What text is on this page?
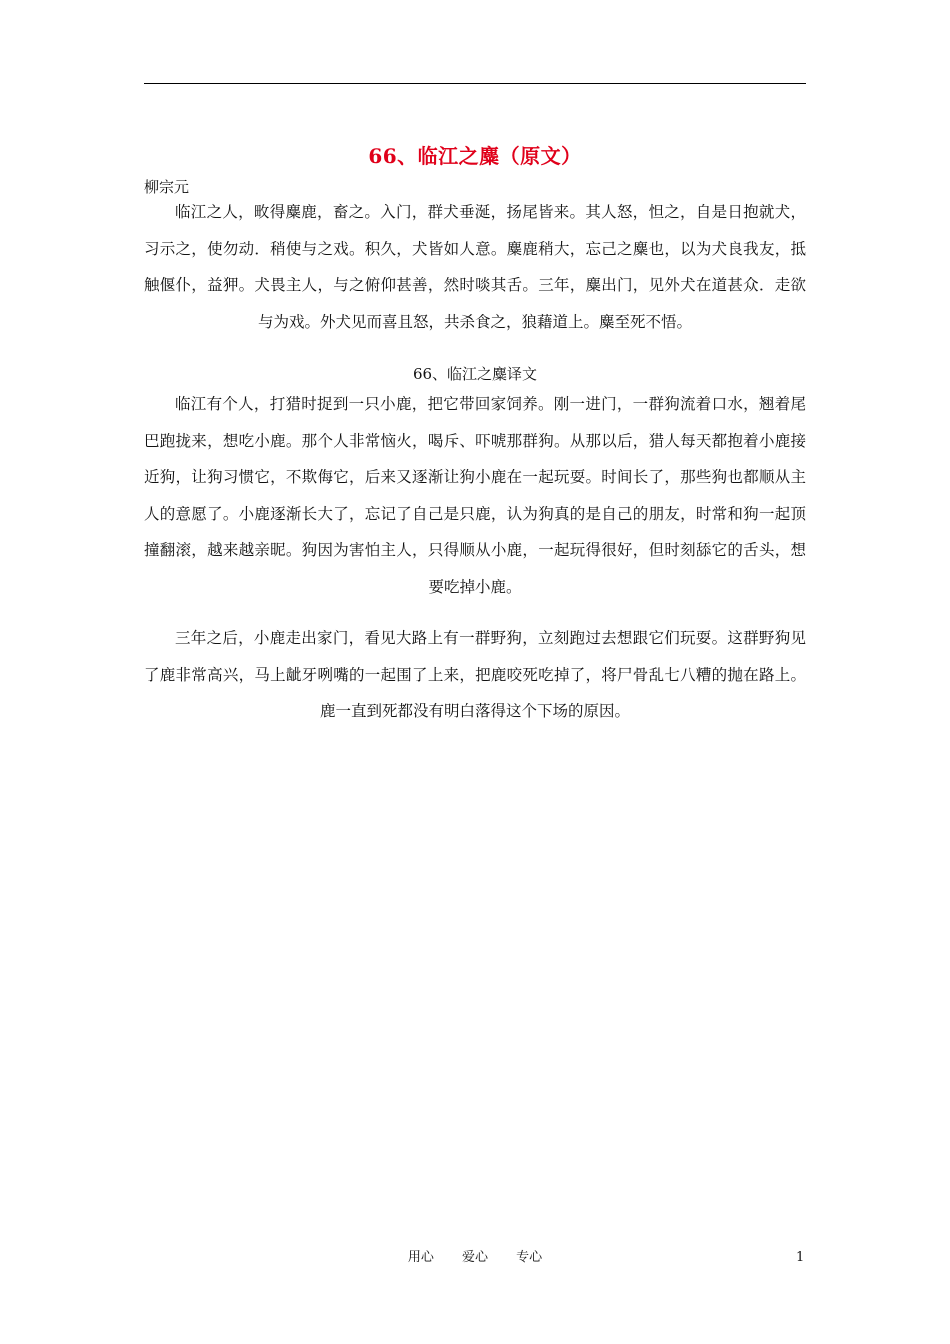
66、临江之麋（原文）
柳宗元
临江之人，畋得麋鹿，畜之。入门，群犬垂涎，扬尾皆来。其人怒，怛之，自是日抱就犬，习示之，使勿动．稍使与之戏。积久，犬皆如人意。麋鹿稍大，忘己之麋也，以为犬良我友，抵触偃仆，益狎。犬畏主人，与之俯仰甚善，然时啖其舌。三年，麋出门，见外犬在道甚众．走欲与为戏。外犬见而喜且怒，共杀食之，狼藉道上。麋至死不悟。
66、临江之麋译文
临江有个人，打猎时捉到一只小鹿，把它带回家饲养。刚一进门，一群狗流着口水，翘着尾巴跑拢来，想吃小鹿。那个人非常恼火，喝斥、吓唬那群狗。从那以后，猎人每天都抱着小鹿接近狗，让狗习惯它，不欺侮它，后来又逐渐让狗小鹿在一起玩耍。时间长了，那些狗也都顺从主人的意愿了。小鹿逐渐长大了，忘记了自己是只鹿，认为狗真的是自己的朋友，时常和狗一起顶撞翻滚，越来越亲昵。狗因为害怕主人，只得顺从小鹿，一起玩得很好，但时刻舔它的舌头，想要吃掉小鹿。
三年之后，小鹿走出家门，看见大路上有一群野狗，立刻跑过去想跟它们玩耍。这群野狗见了鹿非常高兴，马上龇牙咧嘴的一起围了上来，把鹿咬死吃掉了，将尸骨乱七八糟的抛在路上。鹿一直到死都没有明白落得这个下场的原因。
用心 爱心 专心	1
